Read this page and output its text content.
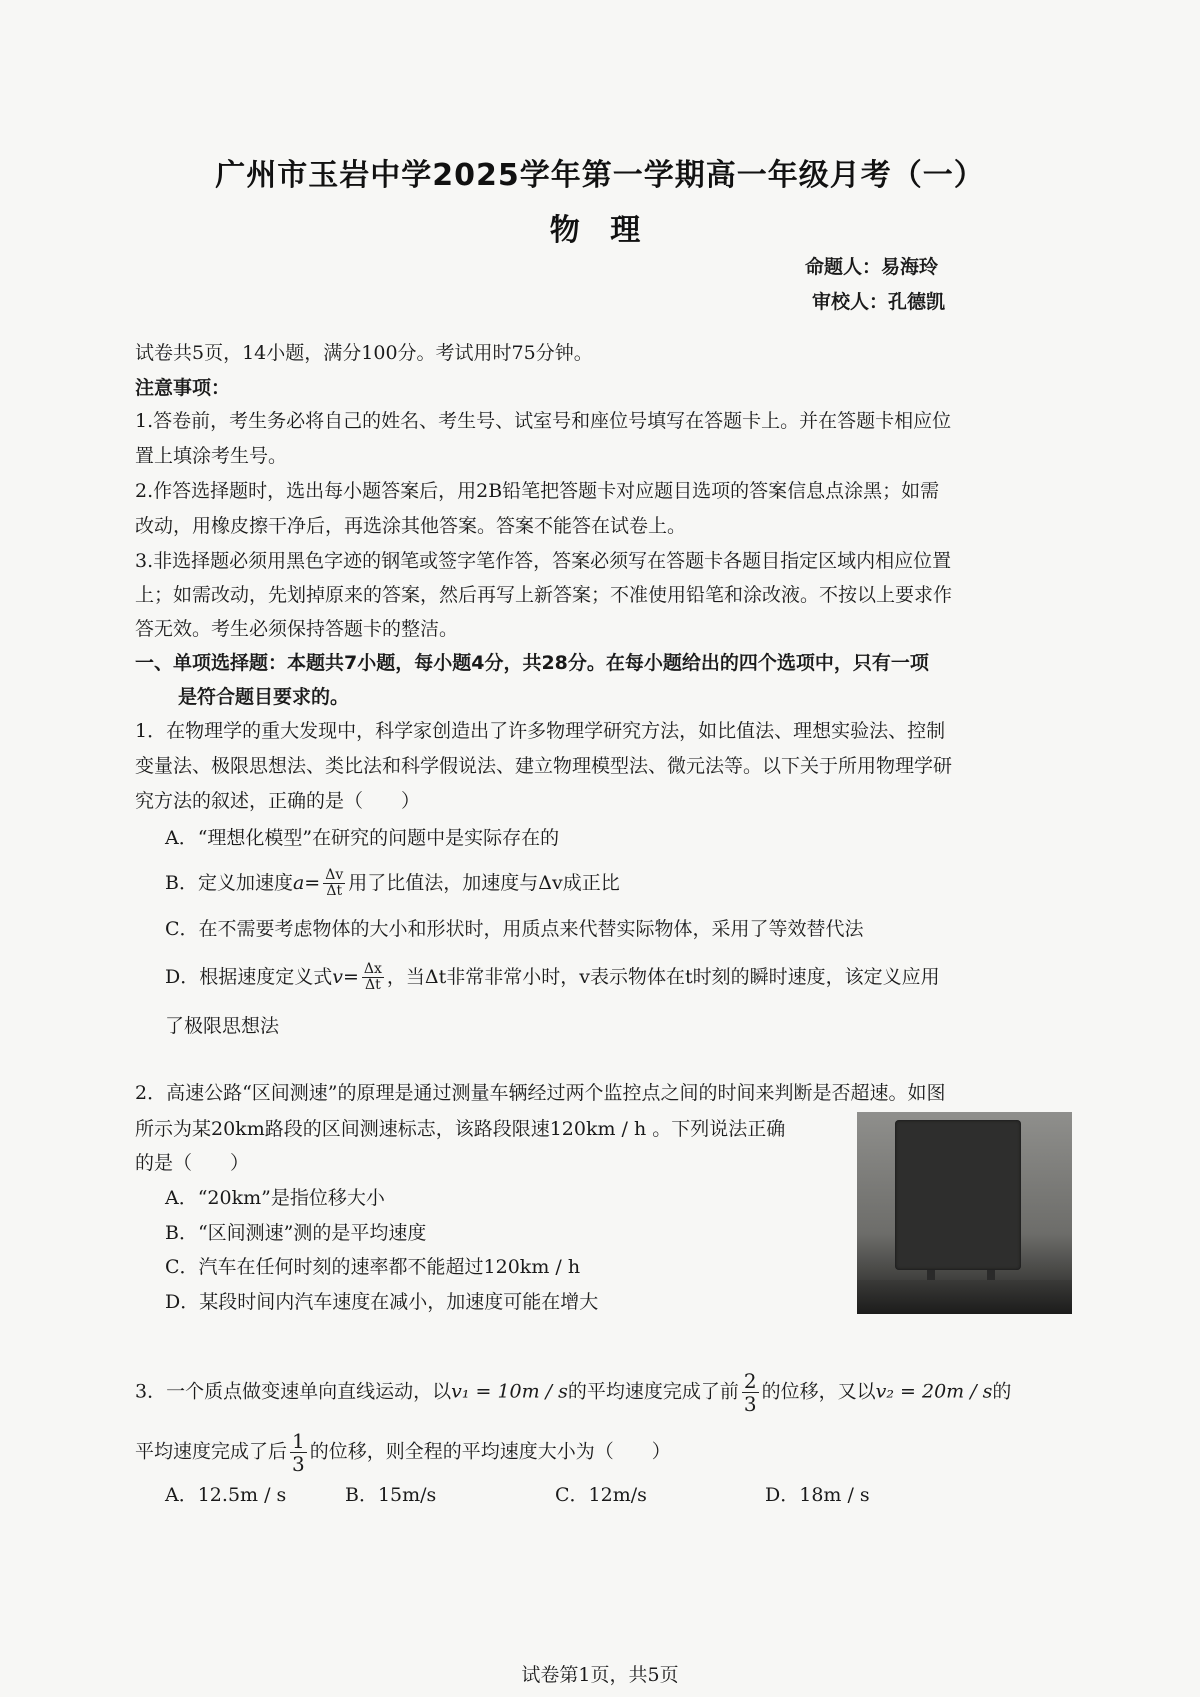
广州市玉岩中学2025学年第一学期高一年级月考（一）
物 理
命题人：易海玲
审校人：孔德凯
试卷共5页，14小题，满分100分。考试用时75分钟。
注意事项：
1.答卷前，考生务必将自己的姓名、考生号、试室号和座位号填写在答题卡上。并在答题卡相应位
置上填涂考生号。
2.作答选择题时，选出每小题答案后，用2B铅笔把答题卡对应题目选项的答案信息点涂黑；如需
改动，用橡皮擦干净后，再选涂其他答案。答案不能答在试卷上。
3.非选择题必须用黑色字迹的钢笔或签字笔作答，答案必须写在答题卡各题目指定区域内相应位置
上；如需改动，先划掉原来的答案，然后再写上新答案；不准使用铅笔和涂改液。不按以上要求作
答无效。考生必须保持答题卡的整洁。
一、单项选择题：本题共7小题，每小题4分，共28分。在每小题给出的四个选项中，只有一项
是符合题目要求的。
1．在物理学的重大发现中，科学家创造出了许多物理学研究方法，如比值法、理想实验法、控制
变量法、极限思想法、类比法和科学假说法、建立物理模型法、微元法等。以下关于所用物理学研
究方法的叙述，正确的是（　　）
A．“理想化模型”在研究的问题中是实际存在的
B．定义加速度$a= \frac{\Delta v}{\Delta t}$ 用了比值法，加速度与Δv成正比
C．在不需要考虑物体的大小和形状时，用质点来代替实际物体，采用了等效替代法
D．根据速度定义式$v= \frac{\Delta x}{\Delta t}$ ，当Δt非常非常小时，v表示物体在t时刻的瞬时速度，该定义应用
了极限思想法
2．高速公路“区间测速”的原理是通过测量车辆经过两个监控点之间的时间来判断是否超速。如图
所示为某20km路段的区间测速标志，该路段限速120km / h 。下列说法正确
的是（　　）
A．“20km”是指位移大小
B．“区间测速”测的是平均速度
C．汽车在任何时刻的速率都不能超过120km / h
D．某段时间内汽车速度在减小，加速度可能在增大
3．一个质点做变速单向直线运动，以v₁ = 10m / s的平均速度完成了前 $\frac{2}{3}$ 的位移，又以v₂ = 20m / s的
平均速度完成了后 $\frac{1}{3}$ 的位移，则全程的平均速度大小为（　　）
A．12.5m / s	B．15m/s	C．12m/s	D．18m / s
试卷第1页，共5页
